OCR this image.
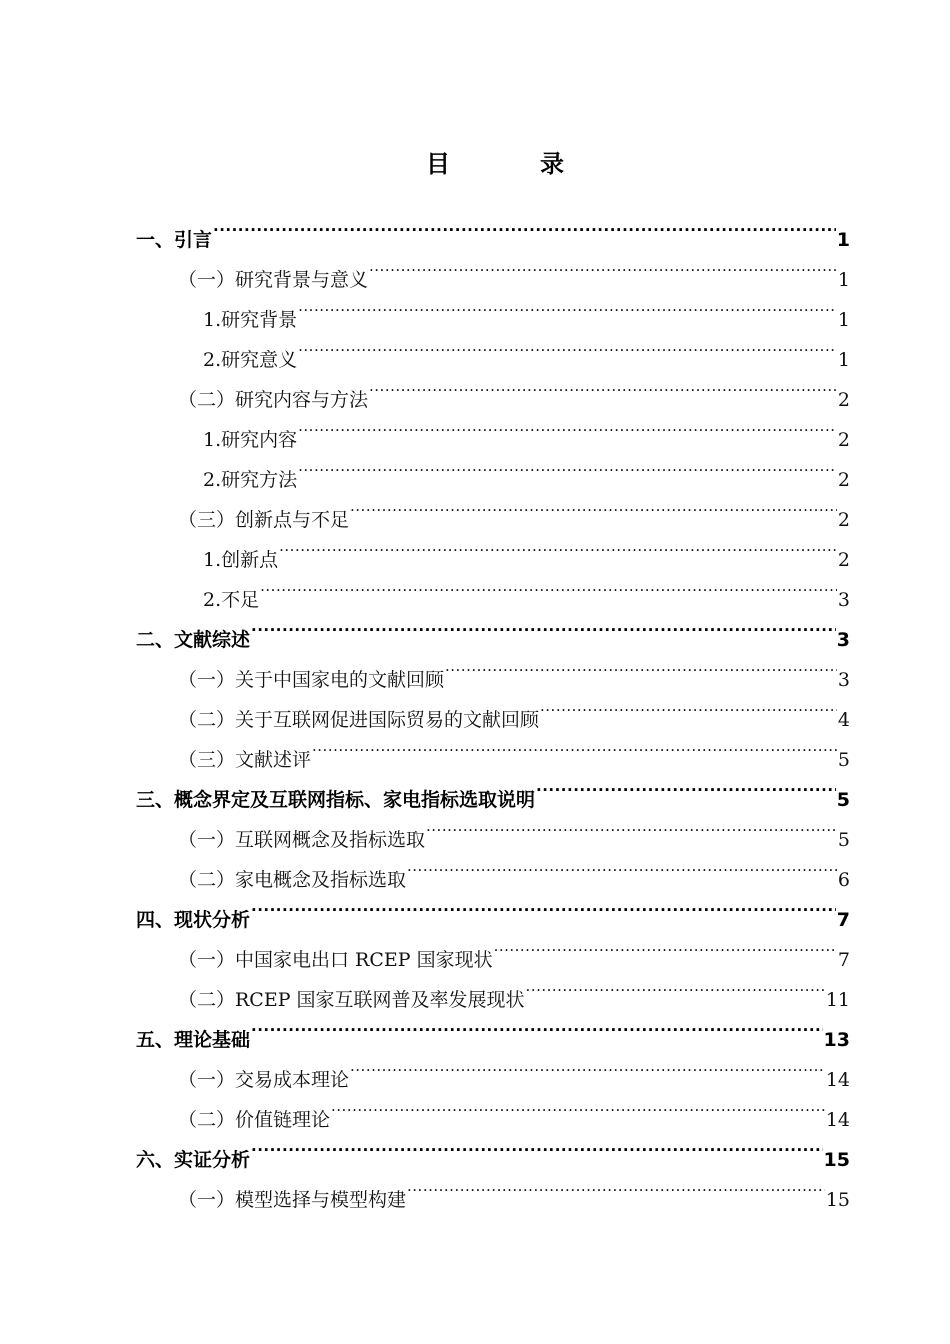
目	录
一、引言 .....	1
（一）研究背景与意义 .....	1
1.研究背景 .....	1
2.研究意义 .....	1
（二）研究内容与方法 .....	2
1.研究内容 .....	2
2.研究方法 .....	2
（三）创新点与不足 .....	2
1.创新点 .....	2
2.不足 .....	3
二、文献综述 .....	3
（一）关于中国家电的文献回顾 .....	3
（二）关于互联网促进国际贸易的文献回顾 .....	4
（三）文献述评 .....	5
三、概念界定及互联网指标、家电指标选取说明 .....	5
（一）互联网概念及指标选取 .....	5
（二）家电概念及指标选取 .....	6
四、现状分析 .....	7
（一）中国家电出口 RCEP 国家现状 .....	7
（二）RCEP 国家互联网普及率发展现状 .....	11
五、理论基础 .....	13
（一）交易成本理论 .....	14
（二）价值链理论 .....	14
六、实证分析 .....	15
（一）模型选择与模型构建 .....	15
